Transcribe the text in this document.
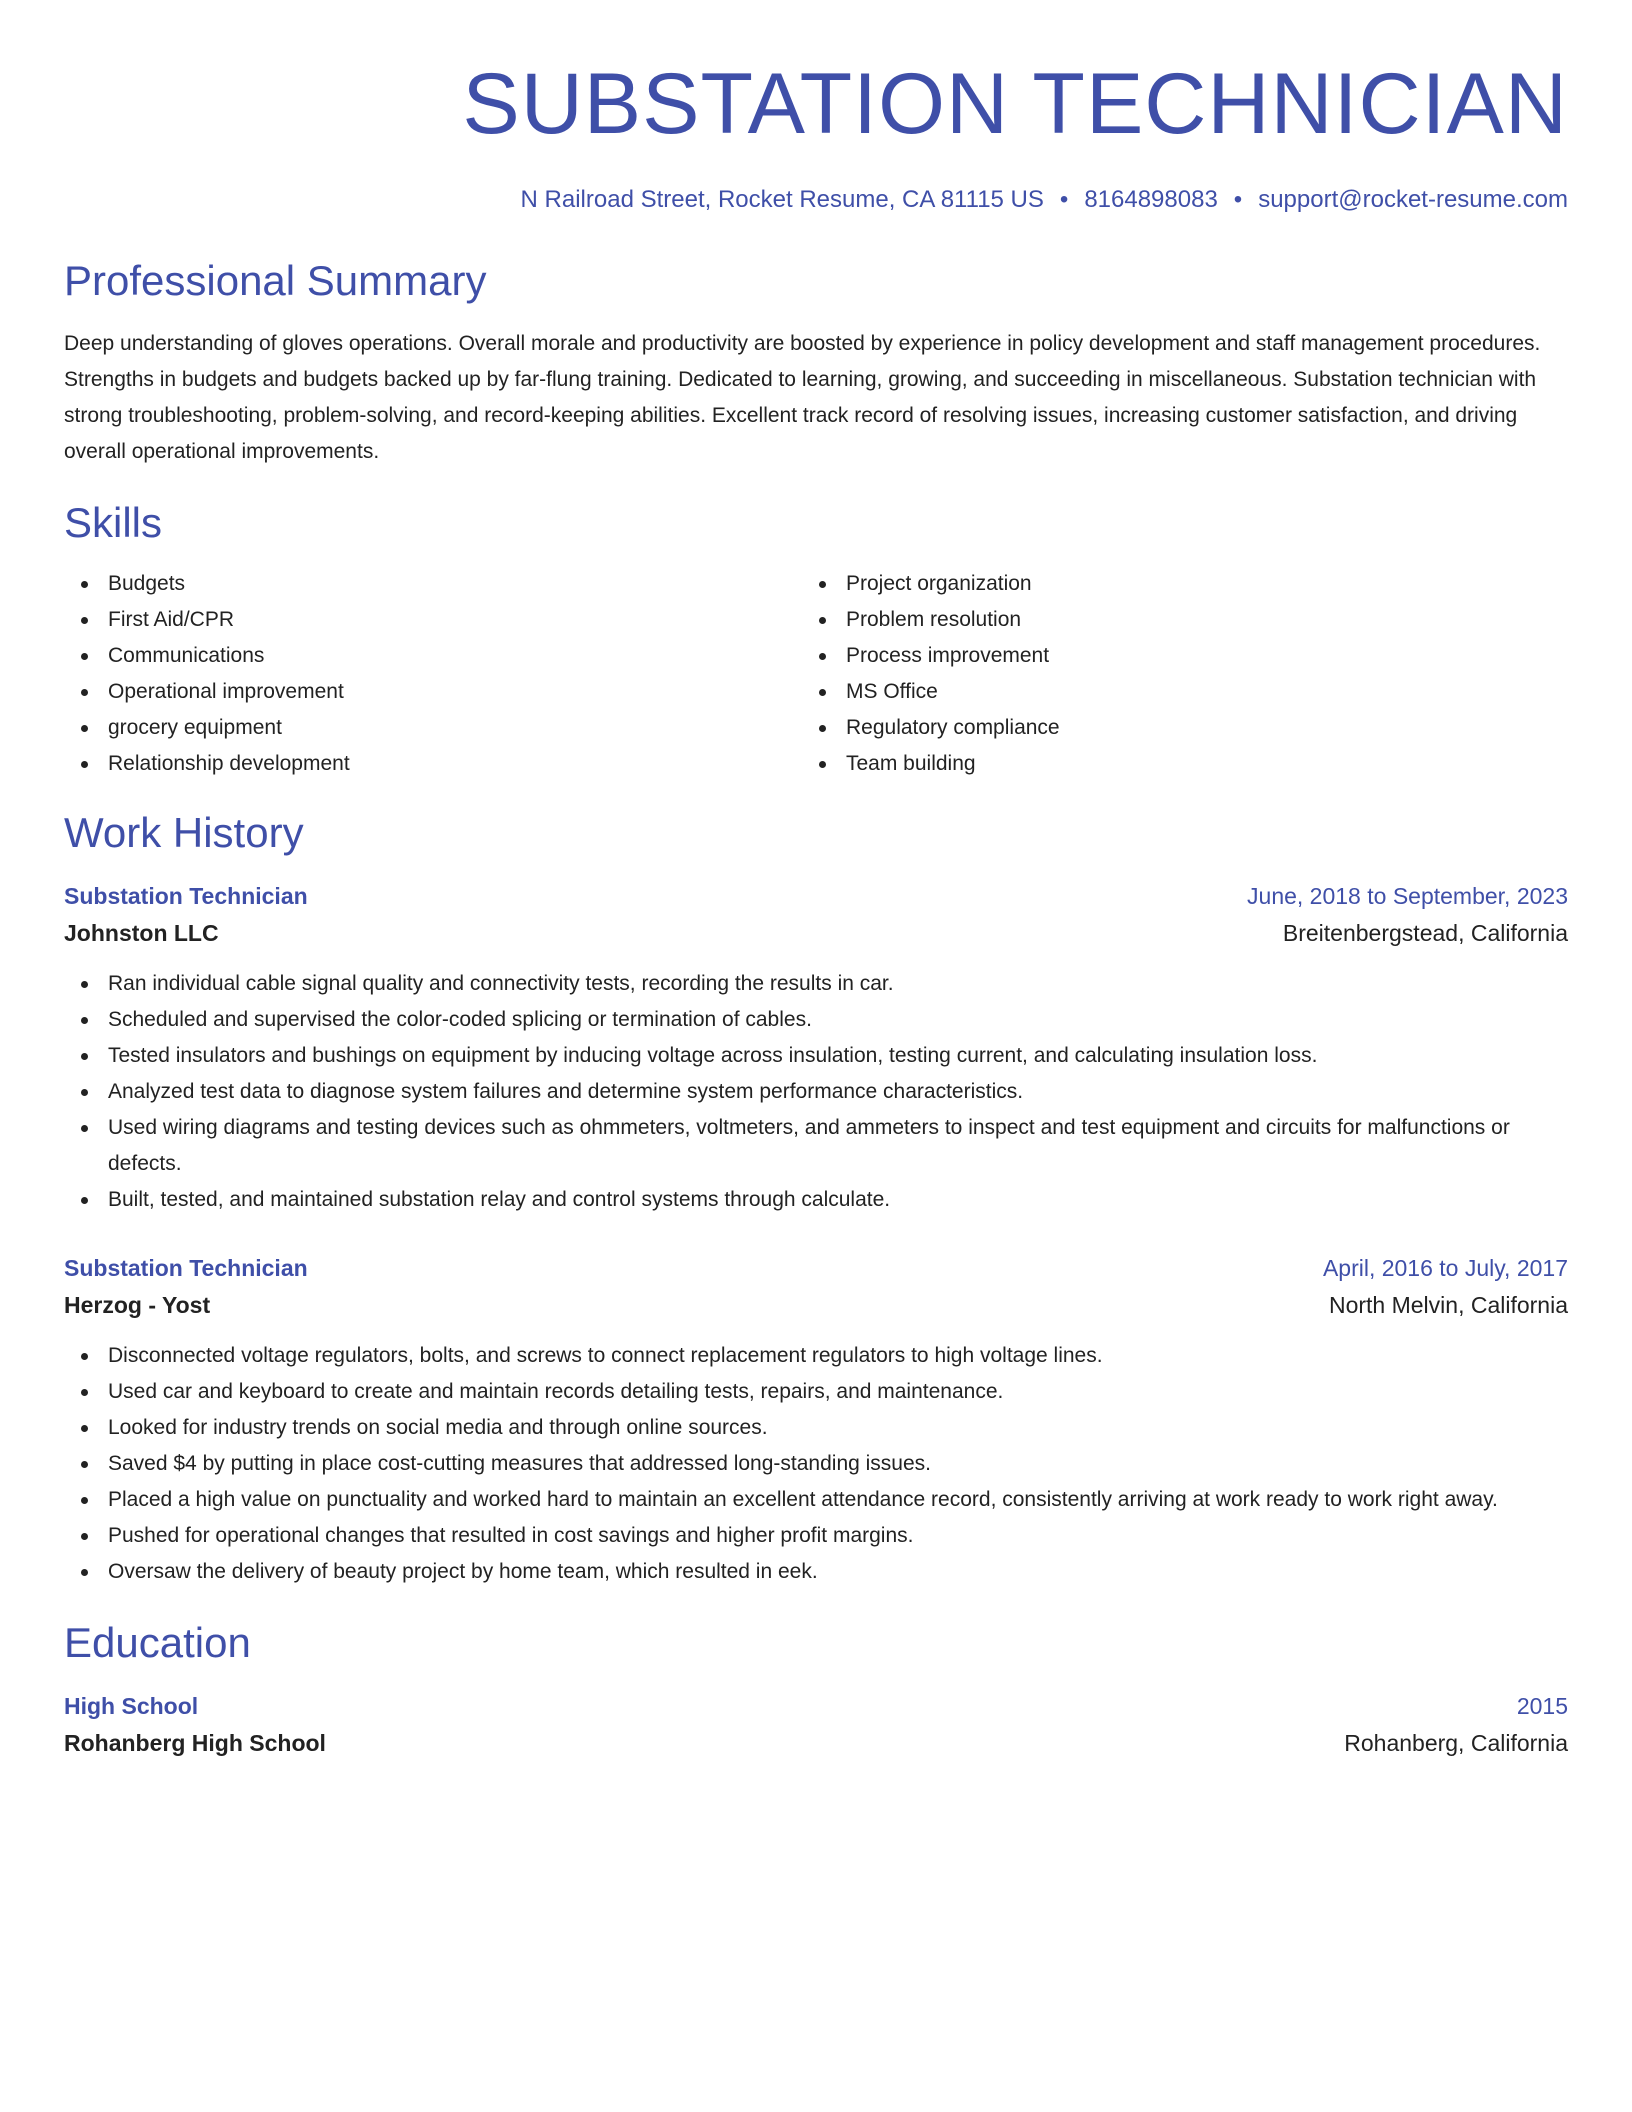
SUBSTATION TECHNICIAN
N Railroad Street, Rocket Resume, CA 81115 US • 8164898083 • support@rocket-resume.com
Professional Summary

Deep understanding of gloves operations. Overall morale and productivity are boosted by experience in policy development and staff management procedures. Strengths in budgets and budgets backed up by far-flung training. Dedicated to learning, growing, and succeeding in miscellaneous. Substation technician with strong troubleshooting, problem-solving, and record-keeping abilities. Excellent track record of resolving issues, increasing customer satisfaction, and driving overall operational improvements.

Skills
Budgets
First Aid/CPR
Communications
Operational improvement
grocery equipment
Relationship development
Project organization
Problem resolution
Process improvement
MS Office
Regulatory compliance
Team building
Work History
Substation Technician	June, 2018 to September, 2023
Johnston LLC	Breitenbergstead, California
Ran individual cable signal quality and connectivity tests, recording the results in car.
Scheduled and supervised the color-coded splicing or termination of cables.
Tested insulators and bushings on equipment by inducing voltage across insulation, testing current, and calculating insulation loss.
Analyzed test data to diagnose system failures and determine system performance characteristics.
Used wiring diagrams and testing devices such as ohmmeters, voltmeters, and ammeters to inspect and test equipment and circuits for malfunctions or defects.
Built, tested, and maintained substation relay and control systems through calculate.
Substation Technician	April, 2016 to July, 2017
Herzog - Yost	North Melvin, California
Disconnected voltage regulators, bolts, and screws to connect replacement regulators to high voltage lines.
Used car and keyboard to create and maintain records detailing tests, repairs, and maintenance.
Looked for industry trends on social media and through online sources.
Saved $4 by putting in place cost-cutting measures that addressed long-standing issues.
Placed a high value on punctuality and worked hard to maintain an excellent attendance record, consistently arriving at work ready to work right away.
Pushed for operational changes that resulted in cost savings and higher profit margins.
Oversaw the delivery of beauty project by home team, which resulted in eek.
Education
High School	2015
Rohanberg High School	Rohanberg, California
